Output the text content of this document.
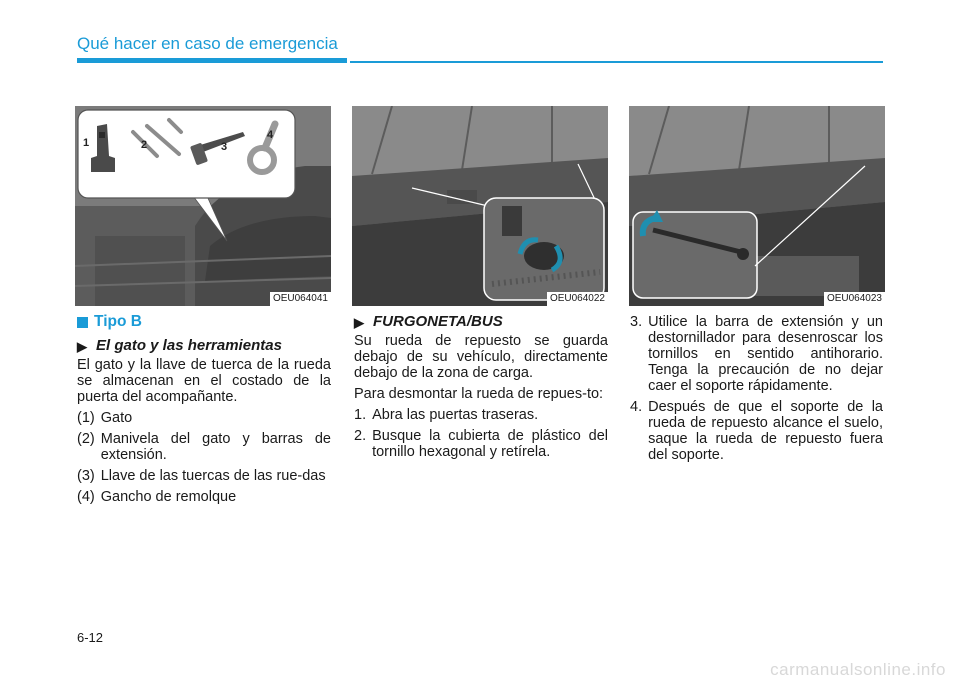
Qué hacer en caso de emergencia
1	2	3
4
OEU064041	OEU064022	OEU064023
Tipo B
▶ El gato y las herramientas

El gato y la llave de tuerca de la rueda se almacenan en el costado de la puerta del acompañante.

(1) Gato
(2) Manivela del gato y barras de extensión.
(3) Llave de las tuercas de las rue-das
(4) Gancho de remolque
▶ FURGONETA/BUS

Su rueda de repuesto se guarda debajo de su vehículo, directamente debajo de la zona de carga.

Para desmontar la rueda de repues-to:

1. Abra las puertas traseras.
2. Busque la cubierta de plástico del tornillo hexagonal y retírela.
3. Utilice la barra de extensión y un destornillador para desenroscar los tornillos en sentido antihorario. Tenga la precaución de no dejar caer el soporte rápidamente.
4. Después de que el soporte de la rueda de repuesto alcance el suelo, saque la rueda de repuesto fuera del soporte.
6-12
carmanualsonline.info
